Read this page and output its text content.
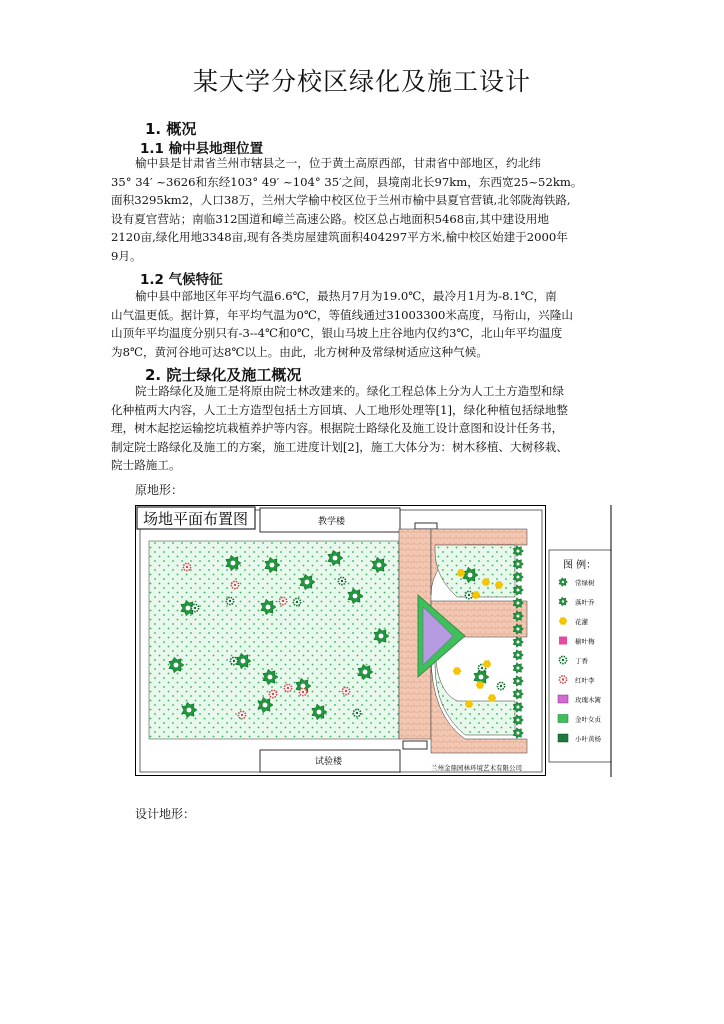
某大学分校区绿化及施工设计
1. 概况
1.1 榆中县地理位置
榆中县是甘肃省兰州市辖县之一，位于黄土高原西部，甘肃省中部地区，约北纬
35° 34′ ~3626和东经103° 49′ ~104° 35′之间，县境南北长97km，东西宽25~52km。
面积3295km2，人口38万，兰州大学榆中校区位于兰州市榆中县夏官营镇,北邻陇海铁路,
设有夏官营站；南临312国道和嶂兰高速公路。校区总占地面积5468亩,其中建设用地
2120亩,绿化用地3348亩,现有各类房屋建筑面积404297平方米,榆中校区始建于2000年
9月。
1.2 气候特征
榆中县中部地区年平均气温6.6℃，最热月7月为19.0℃，最冷月1月为-8.1℃，南
山气温更低。据计算，年平均气温为0℃，等值线通过31003300米高度，马衔山，兴隆山
山顶年平均温度分别只有-3--4℃和0℃，银山马坡上庄谷地内仅约3℃，北山年平均温度
为8℃，黄河谷地可达8℃以上。由此，北方树种及常绿树适应这种气候。
2. 院士绿化及施工概况
院士路绿化及施工是将原由院士林改建来的。绿化工程总体上分为人工土方造型和绿
化种植两大内容，人工土方造型包括土方回填、人工地形处理等[1]，绿化种植包括绿地整
理，树木起挖运输挖坑栽植养护等内容。根据院士路绿化及施工设计意图和设计任务书，
制定院士路绿化及施工的方案，施工进度计划[2]，施工大体分为：树木移植、大树移栽、
院士路施工。
原地形：
场地平面布置图	教学楼
试验楼
兰州金鼎园林环境艺术有限公司
图 例：
常绿树
落叶乔
花灌
榆叶梅
丁香
红叶李
玫瑰木篱
金叶女贞
小叶黄杨
设计地形：
